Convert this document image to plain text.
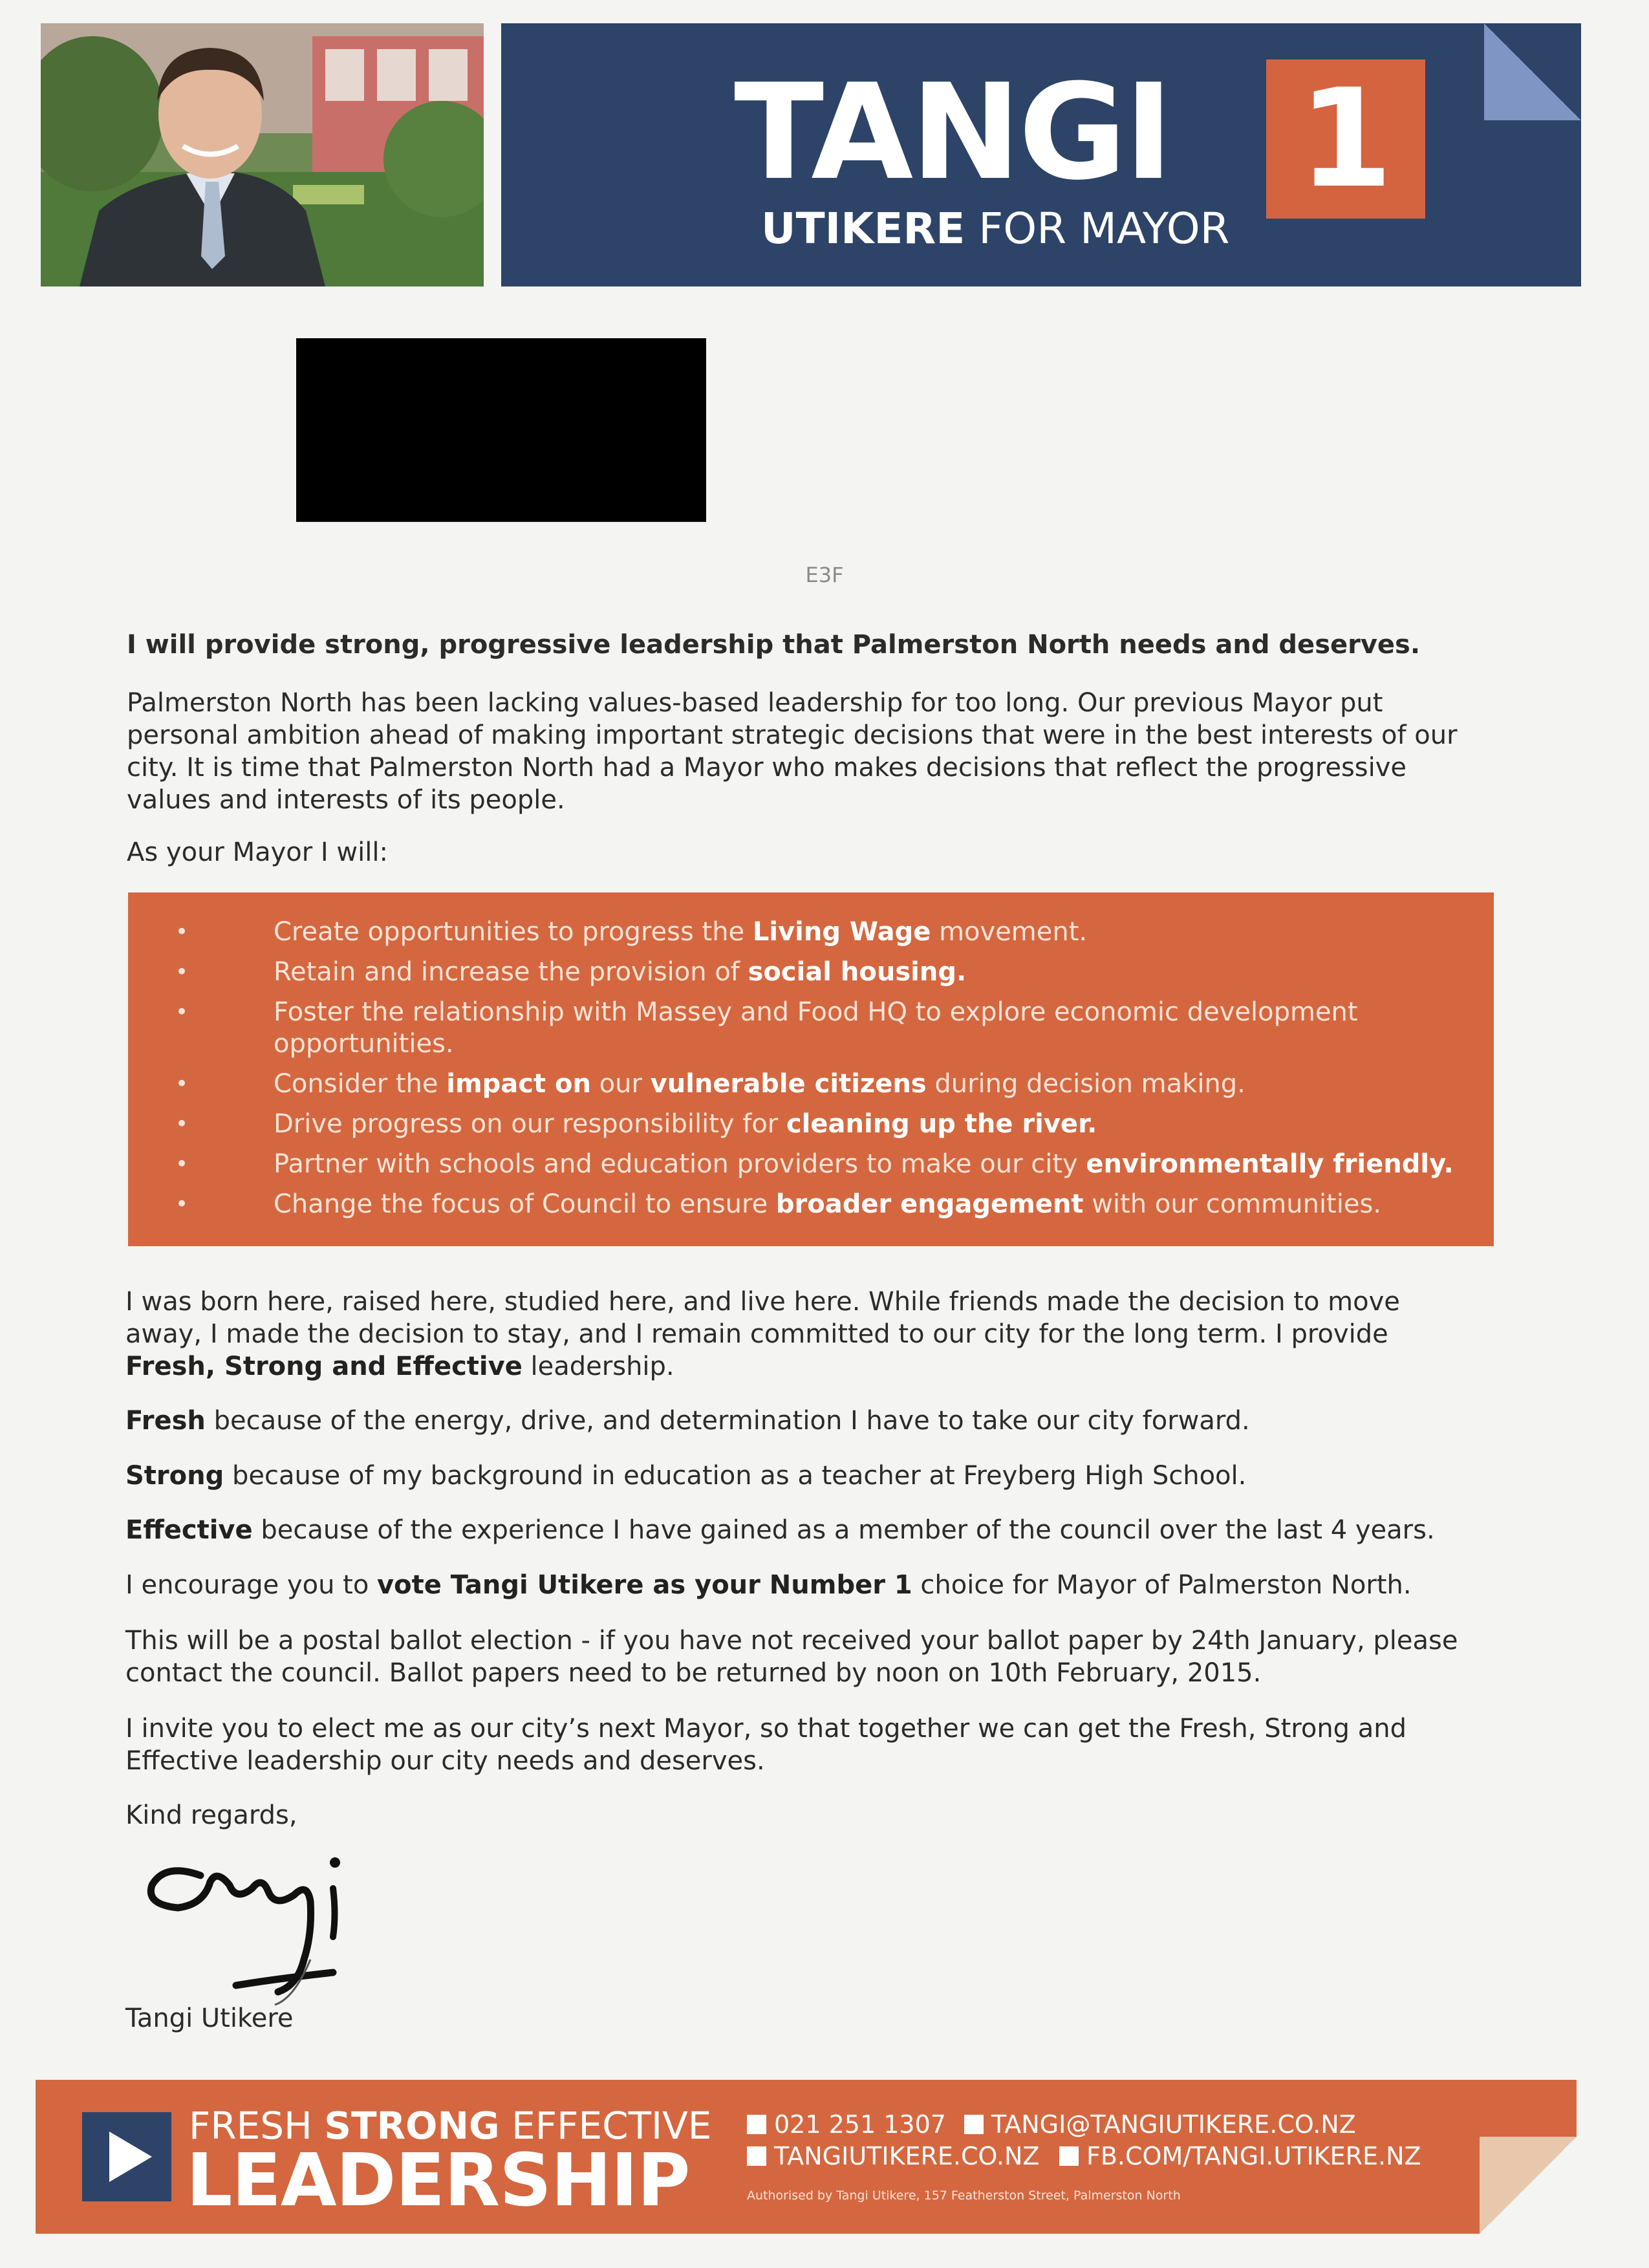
TANGI 1
UTIKERE FOR MAYOR
E3F
I will provide strong, progressive leadership that Palmerston North needs and deserves.
Palmerston North has been lacking values-based leadership for too long. Our previous Mayor put personal ambition ahead of making important strategic decisions that were in the best interests of our city. It is time that Palmerston North had a Mayor who makes decisions that reflect the progressive values and interests of its people.
As your Mayor I will:
•	Create opportunities to progress the Living Wage movement.
•	Retain and increase the provision of social housing.
•	Foster the relationship with Massey and Food HQ to explore economic development opportunities.
•	Consider the impact on our vulnerable citizens during decision making.
•	Drive progress on our responsibility for cleaning up the river.
•	Partner with schools and education providers to make our city environmentally friendly.
•	Change the focus of Council to ensure broader engagement with our communities.
I was born here, raised here, studied here, and live here. While friends made the decision to move away, I made the decision to stay, and I remain committed to our city for the long term. I provide Fresh, Strong and Effective leadership.
Fresh because of the energy, drive, and determination I have to take our city forward.
Strong because of my background in education as a teacher at Freyberg High School.
Effective because of the experience I have gained as a member of the council over the last 4 years.
I encourage you to vote Tangi Utikere as your Number 1 choice for Mayor of Palmerston North.
This will be a postal ballot election - if you have not received your ballot paper by 24th January, please contact the council. Ballot papers need to be returned by noon on 10th February, 2015.
I invite you to elect me as our city’s next Mayor, so that together we can get the Fresh, Strong and Effective leadership our city needs and deserves.
Kind regards,
Tangi Utikere
FRESH STRONG EFFECTIVE
LEADERSHIP
021 251 1307	TANGI@TANGIUTIKERE.CO.NZ
TANGIUTIKERE.CO.NZ	FB.COM/TANGI.UTIKERE.NZ
Authorised by Tangi Utikere, 157 Featherston Street, Palmerston North
